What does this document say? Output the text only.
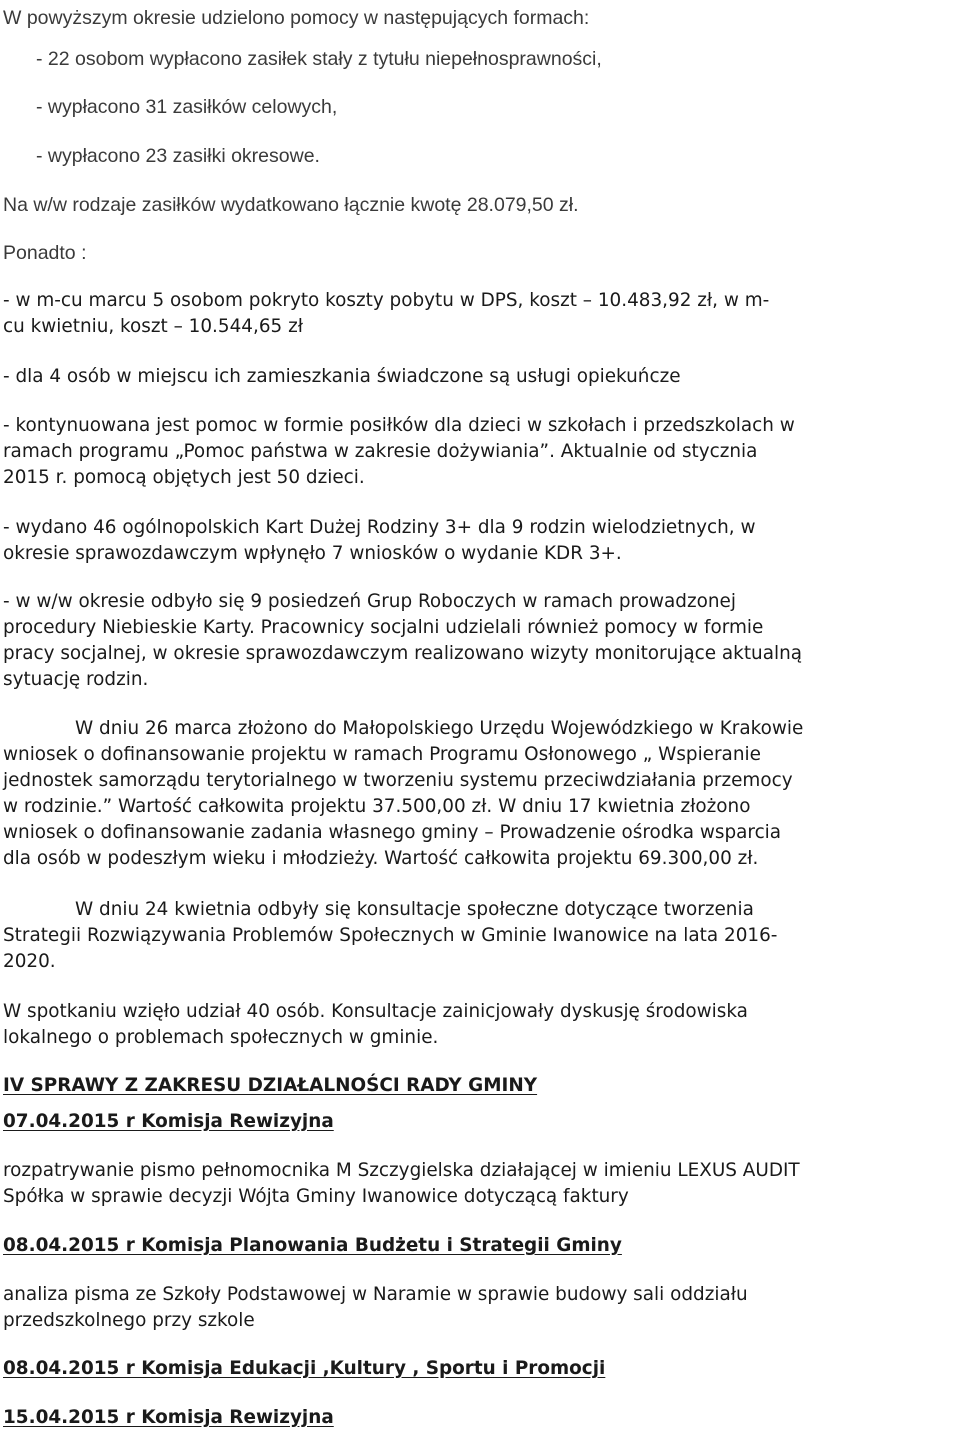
W powyższym okresie udzielono pomocy w następujących formach:
- 22 osobom wypłacono zasiłek stały z tytułu niepełnosprawności,
- wypłacono 31 zasiłków celowych,
- wypłacono 23 zasiłki okresowe.
Na w/w rodzaje zasiłków wydatkowano łącznie kwotę 28.079,50 zł.
Ponadto :
- w m-cu marcu 5 osobom pokryto koszty pobytu w DPS, koszt – 10.483,92 zł, w m-
cu kwietniu, koszt – 10.544,65 zł
- dla 4 osób w miejscu ich zamieszkania świadczone są usługi opiekuńcze
- kontynuowana jest pomoc w formie posiłków dla dzieci w szkołach i przedszkolach w
ramach programu „Pomoc państwa w zakresie dożywiania”. Aktualnie od stycznia
2015 r. pomocą objętych jest 50 dzieci.
- wydano 46 ogólnopolskich Kart Dużej Rodziny 3+ dla 9 rodzin wielodzietnych, w
okresie sprawozdawczym wpłynęło 7 wniosków o wydanie KDR 3+.
- w w/w okresie odbyło się 9 posiedzeń Grup Roboczych w ramach prowadzonej
procedury Niebieskie Karty. Pracownicy socjalni udzielali również pomocy w formie
pracy socjalnej, w okresie sprawozdawczym realizowano wizyty monitorujące aktualną
sytuację rodzin.
W dniu 26 marca złożono do Małopolskiego Urzędu Wojewódzkiego w Krakowie
wniosek o dofinansowanie projektu w ramach Programu Osłonowego „ Wspieranie
jednostek samorządu terytorialnego w tworzeniu systemu przeciwdziałania przemocy
w rodzinie.” Wartość całkowita projektu 37.500,00 zł. W dniu 17 kwietnia złożono
wniosek o dofinansowanie zadania własnego gminy – Prowadzenie ośrodka wsparcia
dla osób w podeszłym wieku i młodzieży. Wartość całkowita projektu 69.300,00 zł.
W dniu 24 kwietnia odbyły się konsultacje społeczne dotyczące tworzenia
Strategii Rozwiązywania Problemów Społecznych w Gminie Iwanowice na lata 2016-
2020.
W spotkaniu wzięło udział 40 osób. Konsultacje zainicjowały dyskusję środowiska
lokalnego o problemach społecznych w gminie.
IV SPRAWY Z ZAKRESU DZIAŁALNOŚCI RADY GMINY
07.04.2015 r Komisja Rewizyjna
rozpatrywanie pismo pełnomocnika M Szczygielska działającej w imieniu LEXUS AUDIT
Spółka w sprawie decyzji Wójta Gminy Iwanowice dotyczącą faktury
08.04.2015 r Komisja Planowania Budżetu i Strategii Gminy
analiza pisma ze Szkoły Podstawowej w Naramie w sprawie budowy sali oddziału
przedszkolnego przy szkole
08.04.2015 r Komisja Edukacji ,Kultury , Sportu i Promocji
15.04.2015 r Komisja Rewizyjna
